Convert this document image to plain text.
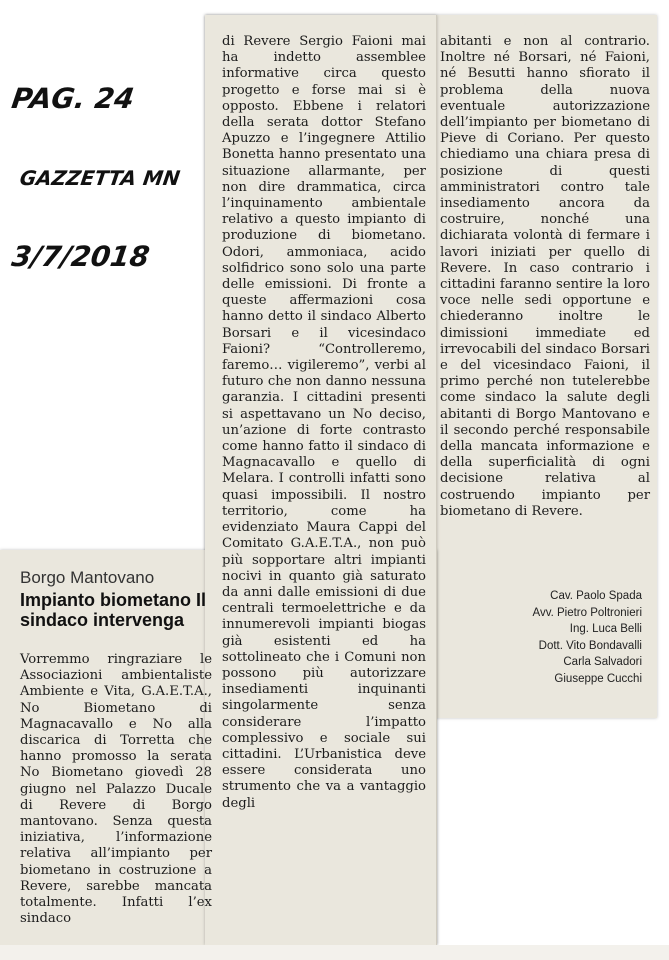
PAG. 24
GAZZETTA MN
3/7/2018
Borgo Mantovano
Impianto biometano Il sindaco intervenga

Vorremmo ringraziare le Associazioni ambientaliste Ambiente e Vita, G.A.E.T.A., No Biometano di Magnacavallo e No alla discarica di Torretta che hanno promosso la serata No Biometano giovedì 28 giugno nel Palazzo Ducale di Revere di Borgo mantovano. Senza questa iniziativa, l’informazione relativa all’impianto per biometano in costruzione a Revere, sarebbe mancata totalmente. Infatti l’ex sindaco

di Revere Sergio Faioni mai ha indetto assemblee informative circa questo progetto e forse mai si è opposto. Ebbene i relatori della serata dottor Stefano Apuzzo e l’ingegnere Attilio Bonetta hanno presentato una situazione allarmante, per non dire drammatica, circa l’inquinamento ambientale relativo a questo impianto di produzione di biometano. Odori, ammoniaca, acido solfidrico sono solo una parte delle emissioni. Di fronte a queste affermazioni cosa hanno detto il sindaco Alberto Borsari e il vicesindaco Faioni? “Controlleremo, faremo… vigileremo”, verbi al futuro che non danno nessuna garanzia. I cittadini presenti si aspettavano un No deciso, un’azione di forte contrasto come hanno fatto il sindaco di Magnacavallo e quello di Melara. I controlli infatti sono quasi impossibili. Il nostro territorio, come ha evidenziato Maura Cappi del Comitato G.A.E.T.A., non può più sopportare altri impianti nocivi in quanto già saturato da anni dalle emissioni di due centrali termoelettriche e da innumerevoli impianti biogas già esistenti ed ha sottolineato che i Comuni non possono più autorizzare insediamenti inquinanti singolarmente senza considerare l’impatto complessivo e sociale sui cittadini. L’Urbanistica deve essere considerata uno strumento che va a vantaggio degli

abitanti e non al contrario. Inoltre né Borsari, né Faioni, né Besutti hanno sfiorato il problema della nuova eventuale autorizzazione dell’impianto per biometano di Pieve di Coriano. Per questo chiediamo una chiara presa di posizione di questi amministratori contro tale insediamento ancora da costruire, nonché una dichiarata volontà di fermare i lavori iniziati per quello di Revere. In caso contrario i cittadini faranno sentire la loro voce nelle sedi opportune e chiederanno inoltre le dimissioni immediate ed irrevocabili del sindaco Borsari e del vicesindaco Faioni, il primo perché non tutelerebbe come sindaco la salute degli abitanti di Borgo Mantovano e il secondo perché responsabile della mancata informazione e della superficialità di ogni decisione relativa al costruendo impianto per biometano di Revere.

Cav. Paolo Spada
Avv. Pietro Poltronieri
Ing. Luca Belli
Dott. Vito Bondavalli
Carla Salvadori
Giuseppe Cucchi
